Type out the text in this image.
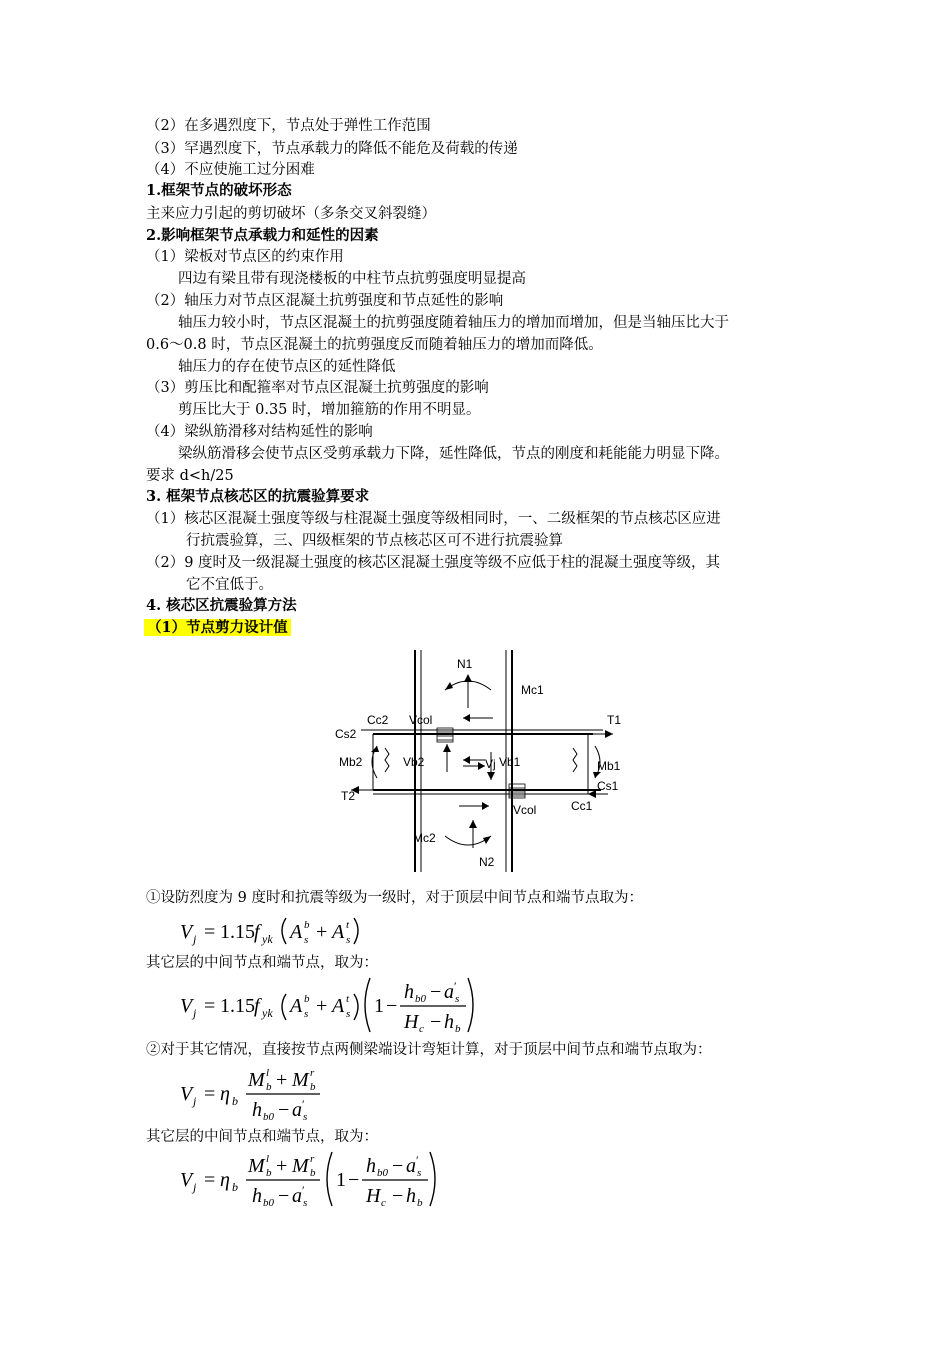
（2）在多遇烈度下，节点处于弹性工作范围
（3）罕遇烈度下，节点承载力的降低不能危及荷载的传递
（4）不应使施工过分困难
1.框架节点的破坏形态
主来应力引起的剪切破坏（多条交叉斜裂缝）
2.影响框架节点承载力和延性的因素
（1）梁板对节点区的约束作用
四边有梁且带有现浇楼板的中柱节点抗剪强度明显提高
（2）轴压力对节点区混凝土抗剪强度和节点延性的影响
轴压力较小时，节点区混凝土的抗剪强度随着轴压力的增加而增加，但是当轴压比大于
0.6～0.8 时，节点区混凝土的抗剪强度反而随着轴压力的增加而降低。
轴压力的存在使节点区的延性降低
（3）剪压比和配箍率对节点区混凝土抗剪强度的影响
剪压比大于 0.35 时，增加箍筋的作用不明显。
（4）梁纵筋滑移对结构延性的影响
梁纵筋滑移会使节点区受剪承载力下降，延性降低，节点的刚度和耗能能力明显下降。
要求 d<h/25
3. 框架节点核芯区的抗震验算要求
（1）核芯区混凝土强度等级与柱混凝土强度等级相同时，一、二级框架的节点核芯区应进
行抗震验算，三、四级框架的节点核芯区可不进行抗震验算
（2）9 度时及一级混凝土强度的核芯区混凝土强度等级不应低于柱的混凝土强度等级，其
它不宜低于。
4. 核芯区抗震验算方法
（1）节点剪力设计值
N1
Mc1
Cc2
Cs2
Vcol	T1
Mb2	Vb2	Vj Vb1	Mb1
Cs1
T2
Vcol	Cc1
Mc2
N2
①设防烈度为 9 度时和抗震等级为一级时，对于顶层中间节点和端节点取为：
V j = 1.15 f yk A b
s + A t
s
其它层的中间节点和端节点，取为：
V j = 1.15 f yk A b
s + A t
s 1 −
h b0 − a ′
s
H c − h b
②对于其它情况，直接按节点两侧梁端设计弯矩计算，对于顶层中间节点和端节点取为：
V j = η b
M l
b + M r
b
h b0 − a ′
s
其它层的中间节点和端节点，取为：
V j = η b
M l
b + M r
b
h b0 − a ′
s
1 −
h b0 − a ′
s
H c − h b
